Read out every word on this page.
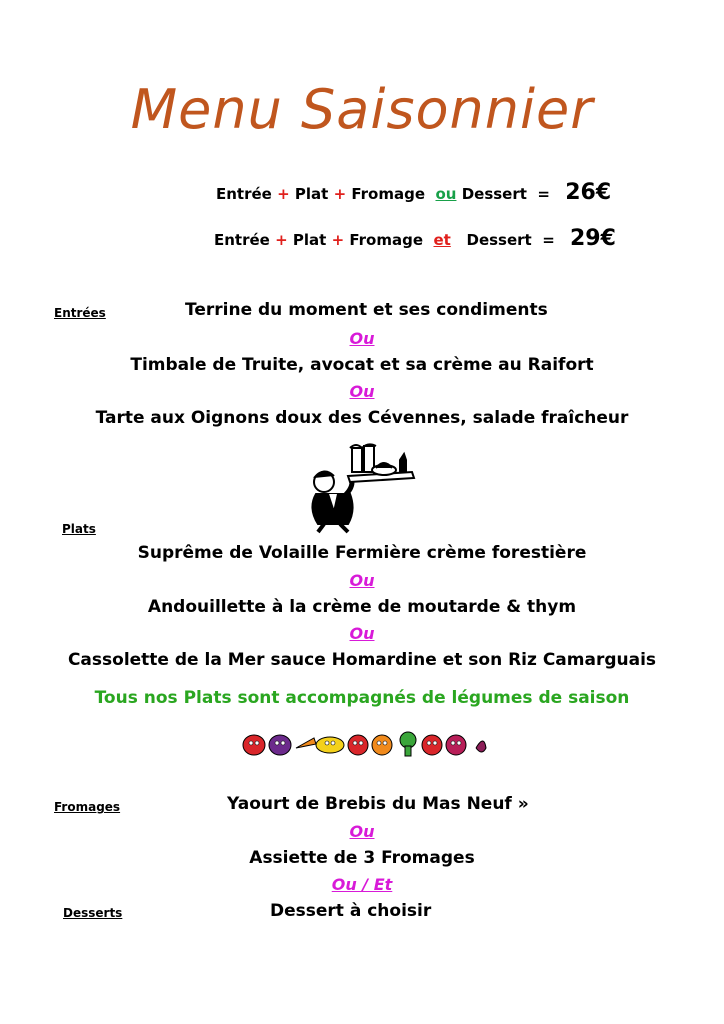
Menu Saisonnier
Entrée + Plat + Fromage ou Dessert = 26€
Entrée + Plat + Fromage et Dessert = 29€
Entrées	Terrine du moment et ses condiments
Ou
Timbale de Truite, avocat et sa crème au Raifort
Ou
Tarte aux Oignons doux des Cévennes, salade fraîcheur
Plats
Suprême de Volaille Fermière crème forestière
Ou
Andouillette à la crème de moutarde & thym
Ou
Cassolette de la Mer sauce Homardine et son Riz Camarguais
Tous nos Plats sont accompagnés de légumes de saison
Fromages	Yaourt de Brebis du Mas Neuf »
Ou
Assiette de 3 Fromages
Ou / Et
Desserts	Dessert à choisir
